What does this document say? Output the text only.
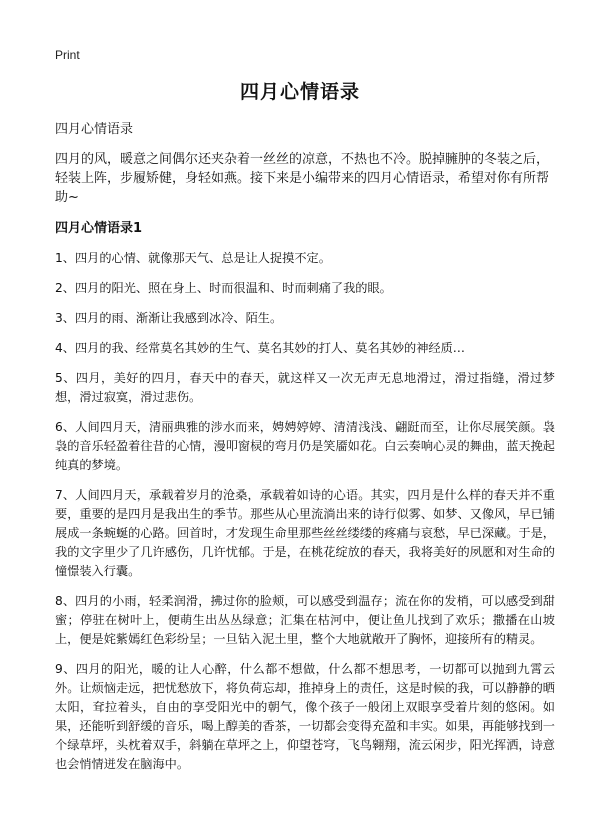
Print
四月心情语录

四月心情语录

四月的风，暖意之间偶尔还夹杂着一丝丝的凉意，不热也不冷。脱掉臃肿的冬装之后，轻装上阵，步履矫健，身轻如燕。接下来是小编带来的四月心情语录，希望对你有所帮助~

四月心情语录1

1、四月的心情、就像那天气、总是让人捉摸不定。

2、四月的阳光、照在身上、时而很温和、时而刺痛了我的眼。

3、四月的雨、渐渐让我感到冰冷、陌生。

4、四月的我、经常莫名其妙的生气、莫名其妙的打人、莫名其妙的神经质…

5、四月，美好的四月，春天中的春天，就这样又一次无声无息地滑过，滑过指缝，滑过梦想，滑过寂寞，滑过悲伤。

6、人间四月天，清丽典雅的涉水而来，娉娉婷婷、清清浅浅、翩跹而至，让你尽展笑颜。袅袅的音乐轻盈着往昔的心情，漫叩窗棂的弯月仍是笑靥如花。白云奏响心灵的舞曲，蓝天挽起纯真的梦境。

7、人间四月天，承载着岁月的沧桑，承载着如诗的心语。其实，四月是什么样的春天并不重要，重要的是四月是我出生的季节。那些从心里流淌出来的诗行似雾、如梦、又像风，早已铺展成一条蜿蜒的心路。回首时，才发现生命里那些丝丝缕缕的疼痛与哀愁，早已深藏。于是，我的文字里少了几许感伤，几许忧郁。于是，在桃花绽放的春天，我将美好的夙愿和对生命的憧憬装入行囊。

8、四月的小雨，轻柔润滑，拂过你的脸颊，可以感受到温存；流在你的发梢，可以感受到甜蜜；停驻在树叶上，便萌生出丛丛绿意；汇集在枯河中，便让鱼儿找到了欢乐；撒播在山坡上，便是姹紫嫣红色彩纷呈；一旦钻入泥土里，整个大地就敞开了胸怀，迎接所有的精灵。

9、四月的阳光，暖的让人心醉，什么都不想做，什么都不想思考，一切都可以抛到九霄云外。让烦恼走远，把忧愁放下，将负荷忘却，推掉身上的责任，这是时候的我，可以静静的晒太阳，耷拉着头，自由的享受阳光中的朝气，像个孩子一般闭上双眼享受着片刻的悠闲。如果，还能听到舒缓的音乐，喝上醇美的香茶，一切都会变得充盈和丰实。如果，再能够找到一个绿草坪，头枕着双手，斜躺在草坪之上，仰望苍穹，飞鸟翱翔，流云闲步，阳光挥洒，诗意也会悄情迸发在脑海中。
